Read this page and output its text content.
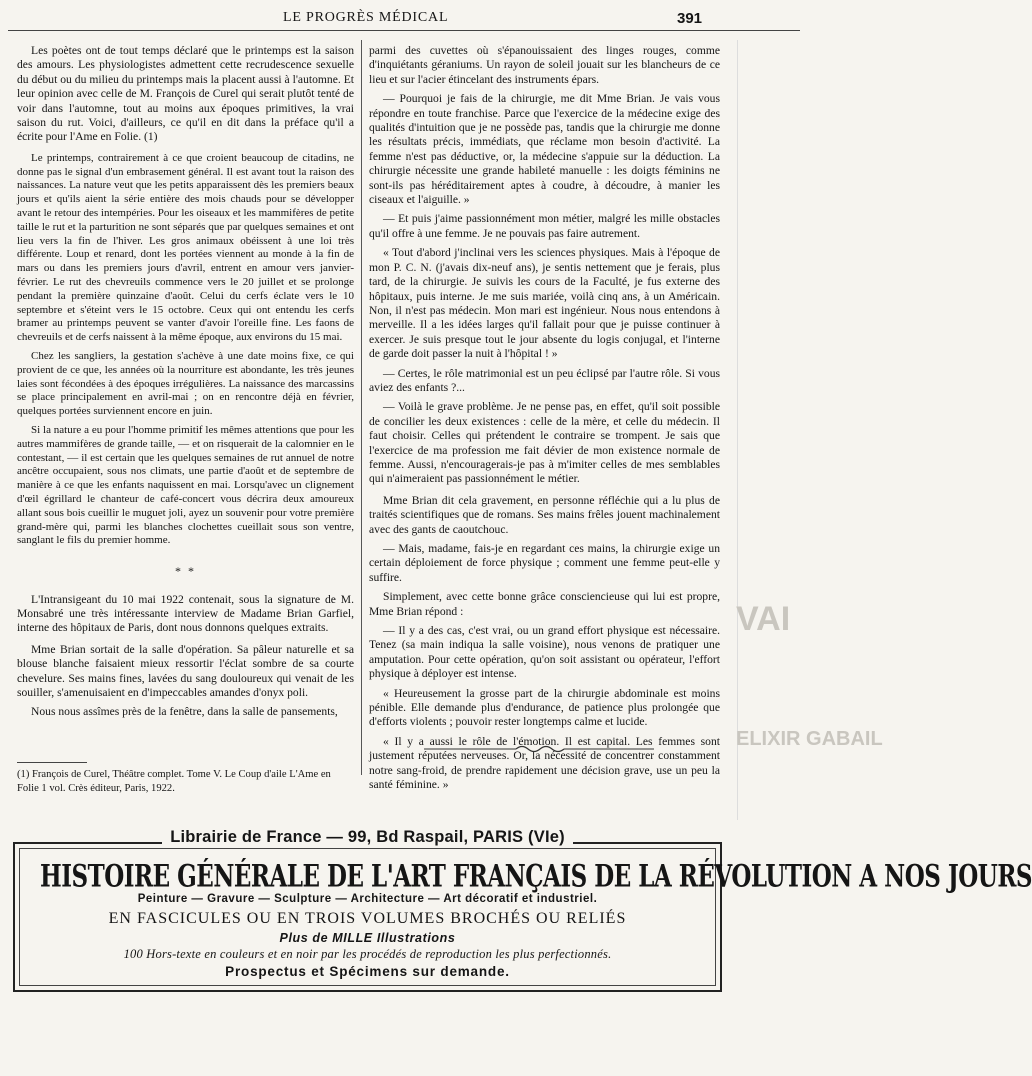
LE PROGRÈS MÉDICAL	391
VAI
ELIXIR GABAIL

Les poètes ont de tout temps déclaré que le printemps est la saison des amours. Les physiologistes admettent cette recrudescence sexuelle du début ou du milieu du printemps mais la placent aussi à l'automne. Et leur opinion avec celle de M. François de Curel qui serait plutôt tenté de voir dans l'automne, tout au moins aux époques primitives, la vrai saison du rut. Voici, d'ailleurs, ce qu'il en dit dans la préface qu'il a écrite pour l'Ame en Folie. (1)

Le printemps, contrairement à ce que croient beaucoup de citadins, ne donne pas le signal d'un embrasement général. Il est avant tout la raison des naissances. La nature veut que les petits apparaissent dès les premiers beaux jours et qu'ils aient la série entière des mois chauds pour se développer avant le retour des intempéries. Pour les oiseaux et les mammifères de petite taille le rut et la parturition ne sont séparés que par quelques semaines et ont lieu vers la fin de l'hiver. Les gros animaux obéissent à une loi très différente. Loup et renard, dont les portées viennent au monde à la fin de mars ou dans les premiers jours d'avril, entrent en amour vers janvier-février. Le rut des chevreuils commence vers le 20 juillet et se prolonge pendant la première quinzaine d'août. Celui du cerfs éclate vers le 10 septembre et s'éteint vers le 15 octobre. Ceux qui ont entendu les cerfs bramer au printemps peuvent se vanter d'avoir l'oreille fine. Les faons de chevreuils et de cerfs naissent à la même époque, aux environs du 15 mai.

Chez les sangliers, la gestation s'achève à une date moins fixe, ce qui provient de ce que, les années où la nourriture est abondante, les très jeunes laies sont fécondées à des époques irrégulières. La naissance des marcassins se place principalement en avril-mai ; on en rencontre déjà en février, quelques portées surviennent encore en juin.

Si la nature a eu pour l'homme primitif les mêmes attentions que pour les autres mammifères de grande taille, — et on risquerait de la calomnier en le contestant, — il est certain que les quelques semaines de rut annuel de notre ancêtre occupaient, sous nos climats, une partie d'août et de septembre de manière à ce que les enfants naquissent en mai. Lorsqu'avec un clignement d'œil égrillard le chanteur de café-concert vous décrira deux amoureux allant sous bois cueillir le muguet joli, ayez un souvenir pour votre première grand-mère qui, parmi les blanches clochettes cueillait sous son ventre, sanglant le fils du premier homme.

* *

L'Intransigeant du 10 mai 1922 contenait, sous la signature de M. Monsabré une très intéressante interview de Madame Brian Garfiel, interne des hôpitaux de Paris, dont nous donnons quelques extraits.

Mme Brian sortait de la salle d'opération. Sa pâleur naturelle et sa blouse blanche faisaient mieux ressortir l'éclat sombre de sa courte chevelure. Ses mains fines, lavées du sang douloureux qui venait de les souiller, s'amenuisaient en d'impeccables amandes d'onyx poli.

Nous nous assîmes près de la fenêtre, dans la salle de pansements,

(1) François de Curel, Théâtre complet. Tome V. Le Coup d'aile L'Ame en Folie 1 vol. Crès éditeur, Paris, 1922.

parmi des cuvettes où s'épanouissaient des linges rouges, comme d'inquiétants géraniums. Un rayon de soleil jouait sur les blancheurs de ce lieu et sur l'acier étincelant des instruments épars.

— Pourquoi je fais de la chirurgie, me dit Mme Brian. Je vais vous répondre en toute franchise. Parce que l'exercice de la médecine exige des qualités d'intuition que je ne possède pas, tandis que la chirurgie me donne les résultats précis, immédiats, que réclame mon besoin d'activité. La femme n'est pas déductive, or, la médecine s'appuie sur la déduction. La chirurgie nécessite une grande habileté manuelle : les doigts féminins ne sont-ils pas héréditairement aptes à coudre, à découdre, à manier les ciseaux et l'aiguille. »

— Et puis j'aime passionnément mon métier, malgré les mille obstacles qu'il offre à une femme. Je ne pouvais pas faire autrement.

« Tout d'abord j'inclinai vers les sciences physiques. Mais à l'époque de mon P. C. N. (j'avais dix-neuf ans), je sentis nettement que je ferais, plus tard, de la chirurgie. Je suivis les cours de la Faculté, je fus externe des hôpitaux, puis interne. Je me suis mariée, voilà cinq ans, à un Américain. Non, il n'est pas médecin. Mon mari est ingénieur. Nous nous entendons à merveille. Il a les idées larges qu'il fallait pour que je puisse continuer à exercer. Je suis presque tout le jour absente du logis conjugal, et l'interne de garde doit passer la nuit à l'hôpital ! »

— Certes, le rôle matrimonial est un peu éclipsé par l'autre rôle. Si vous aviez des enfants ?...

— Voilà le grave problème. Je ne pense pas, en effet, qu'il soit possible de concilier les deux existences : celle de la mère, et celle du médecin. Il faut choisir. Celles qui prétendent le contraire se trompent. Je sais que l'exercice de ma profession me fait dévier de mon existence normale de femme. Aussi, n'encouragerais-je pas à m'imiter celles de mes semblables qui n'aimeraient pas passionnément le métier.

Mme Brian dit cela gravement, en personne réfléchie qui a lu plus de traités scientifiques que de romans. Ses mains frêles jouent machinalement avec des gants de caoutchouc.

— Mais, madame, fais-je en regardant ces mains, la chirurgie exige un certain déploiement de force physique ; comment une femme peut-elle y suffire.

Simplement, avec cette bonne grâce consciencieuse qui lui est propre, Mme Brian répond :

— Il y a des cas, c'est vrai, ou un grand effort physique est nécessaire. Tenez (sa main indiqua la salle voisine), nous venons de pratiquer une amputation. Pour cette opération, qu'on soit assistant ou opérateur, l'effort physique à déployer est intense.

« Heureusement la grosse part de la chirurgie abdominale est moins pénible. Elle demande plus d'endurance, de patience plus prolongée que d'efforts violents ; pouvoir rester longtemps calme et lucide.

« Il y a aussi le rôle de l'émotion. Il est capital. Les femmes sont justement réputées nerveuses. Or, la nécessité de concentrer constamment notre sang-froid, de prendre rapidement une décision grave, use un peu la santé féminine. »

Librairie de France — 99, Bd Raspail, PARIS (VIe)
HISTOIRE GÉNÉRALE DE L'ART FRANÇAIS DE LA RÉVOLUTION A NOS JOURS
Peinture — Gravure — Sculpture — Architecture — Art décoratif et industriel.
EN FASCICULES OU EN TROIS VOLUMES BROCHÉS OU RELIÉS
Plus de MILLE Illustrations
100 Hors-texte en couleurs et en noir par les procédés de reproduction les plus perfectionnés.
Prospectus et Spécimens sur demande.
